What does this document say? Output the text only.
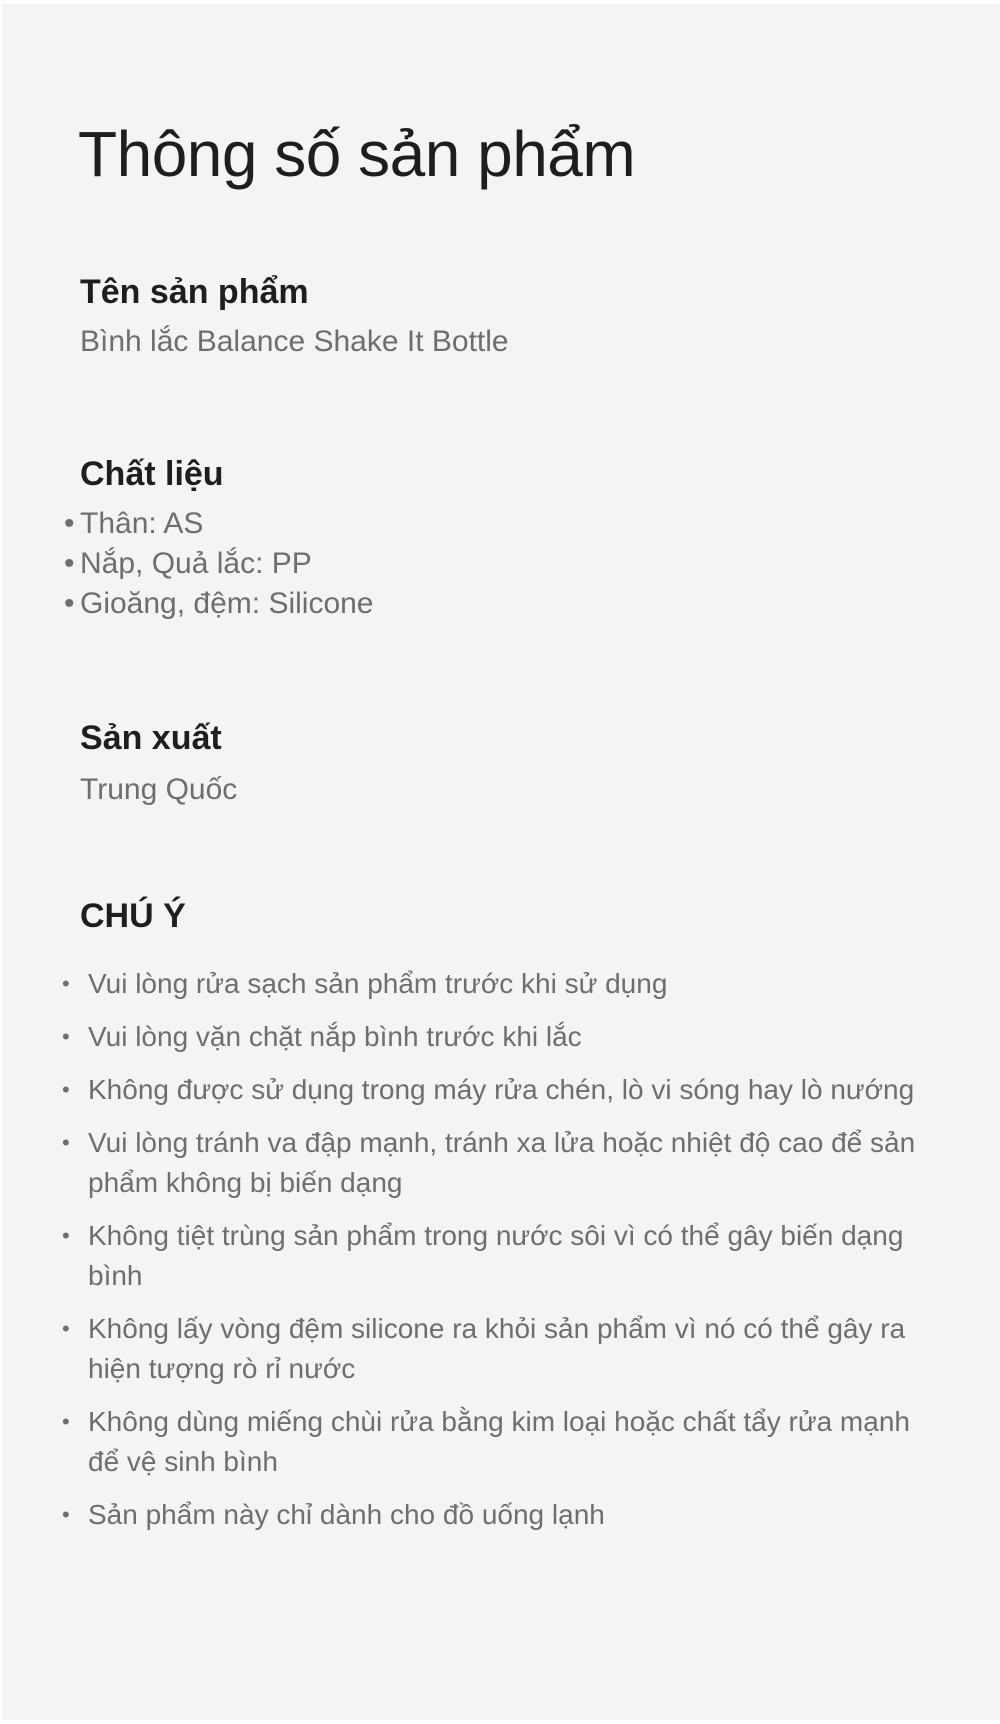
Thông số sản phẩm
Tên sản phẩm

Bình lắc Balance Shake It Bottle

Chất liệu
• Thân: AS
• Nắp, Quả lắc: PP
• Gioăng, đệm: Silicone
Sản xuất

Trung Quốc

CHÚ Ý
• Vui lòng rửa sạch sản phẩm trước khi sử dụng
• Vui lòng vặn chặt nắp bình trước khi lắc
• Không được sử dụng trong máy rửa chén, lò vi sóng hay lò nướng
• Vui lòng tránh va đập mạnh, tránh xa lửa hoặc nhiệt độ cao để sản phẩm không bị biến dạng
• Không tiệt trùng sản phẩm trong nước sôi vì có thể gây biến dạng bình
• Không lấy vòng đệm silicone ra khỏi sản phẩm vì nó có thể gây ra hiện tượng rò rỉ nước
• Không dùng miếng chùi rửa bằng kim loại hoặc chất tẩy rửa mạnh để vệ sinh bình
• Sản phẩm này chỉ dành cho đồ uống lạnh
